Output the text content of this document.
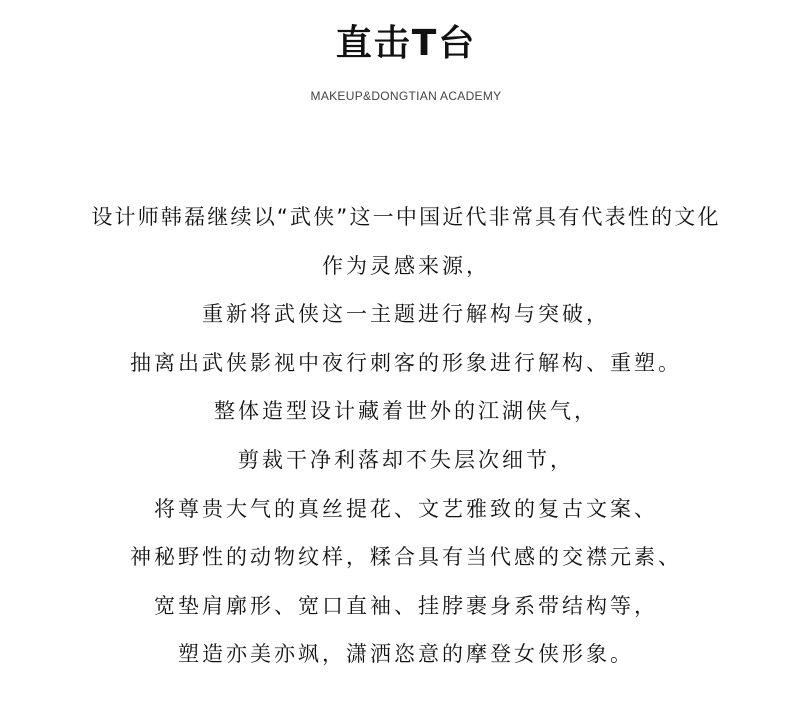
直击T台
MAKEUP&DONGTIAN ACADEMY
设计师韩磊继续以“武侠”这一中国近代非常具有代表性的文化
作为灵感来源，
重新将武侠这一主题进行解构与突破，
抽离出武侠影视中夜行刺客的形象进行解构、重塑。
整体造型设计藏着世外的江湖侠气，
剪裁干净利落却不失层次细节，
将尊贵大气的真丝提花、文艺雅致的复古文案、
神秘野性的动物纹样，糅合具有当代感的交襟元素、
宽垫肩廓形、宽口直袖、挂脖裹身系带结构等，
塑造亦美亦飒，潇洒恣意的摩登女侠形象。
